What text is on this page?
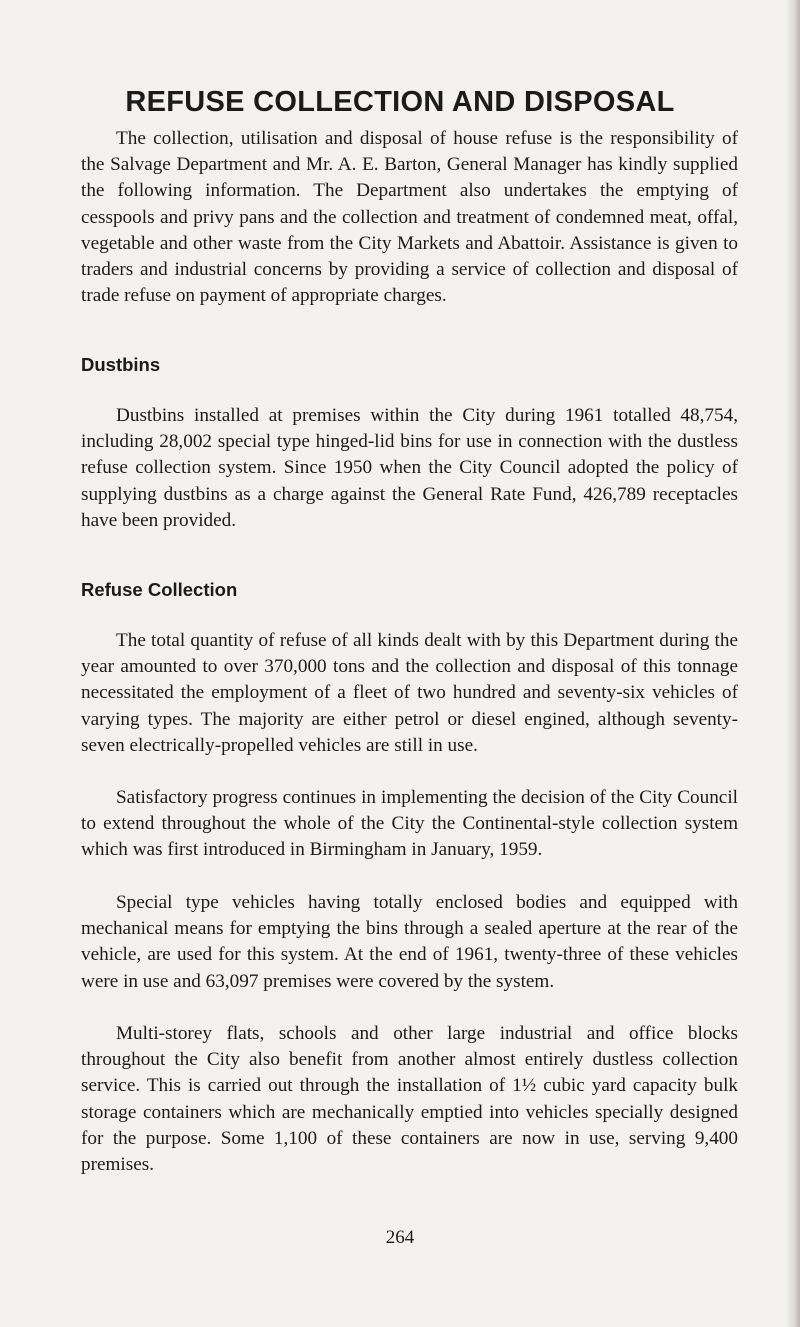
REFUSE COLLECTION AND DISPOSAL

The collection, utilisation and disposal of house refuse is the responsibility of the Salvage Department and Mr. A. E. Barton, General Manager has kindly supplied the following information. The Department also undertakes the emptying of cesspools and privy pans and the collection and treatment of condemned meat, offal, vegetable and other waste from the City Markets and Abattoir. Assistance is given to traders and industrial concerns by providing a service of collection and disposal of trade refuse on payment of appropriate charges.

Dustbins

Dustbins installed at premises within the City during 1961 totalled 48,754, including 28,002 special type hinged-lid bins for use in connection with the dustless refuse collection system. Since 1950 when the City Council adopted the policy of supplying dustbins as a charge against the General Rate Fund, 426,789 receptacles have been provided.

Refuse Collection

The total quantity of refuse of all kinds dealt with by this Department during the year amounted to over 370,000 tons and the collection and disposal of this tonnage necessitated the employment of a fleet of two hundred and seventy-six vehicles of varying types. The majority are either petrol or diesel engined, although seventy-seven electrically-propelled vehicles are still in use.

Satisfactory progress continues in implementing the decision of the City Council to extend throughout the whole of the City the Continental-style collection system which was first introduced in Birmingham in January, 1959.

Special type vehicles having totally enclosed bodies and equipped with mechanical means for emptying the bins through a sealed aperture at the rear of the vehicle, are used for this system. At the end of 1961, twenty-three of these vehicles were in use and 63,097 premises were covered by the system.

Multi-storey flats, schools and other large industrial and office blocks throughout the City also benefit from another almost entirely dustless collection service. This is carried out through the installation of 1½ cubic yard capacity bulk storage containers which are mechanically emptied into vehicles specially designed for the purpose. Some 1,100 of these containers are now in use, serving 9,400 premises.

264
